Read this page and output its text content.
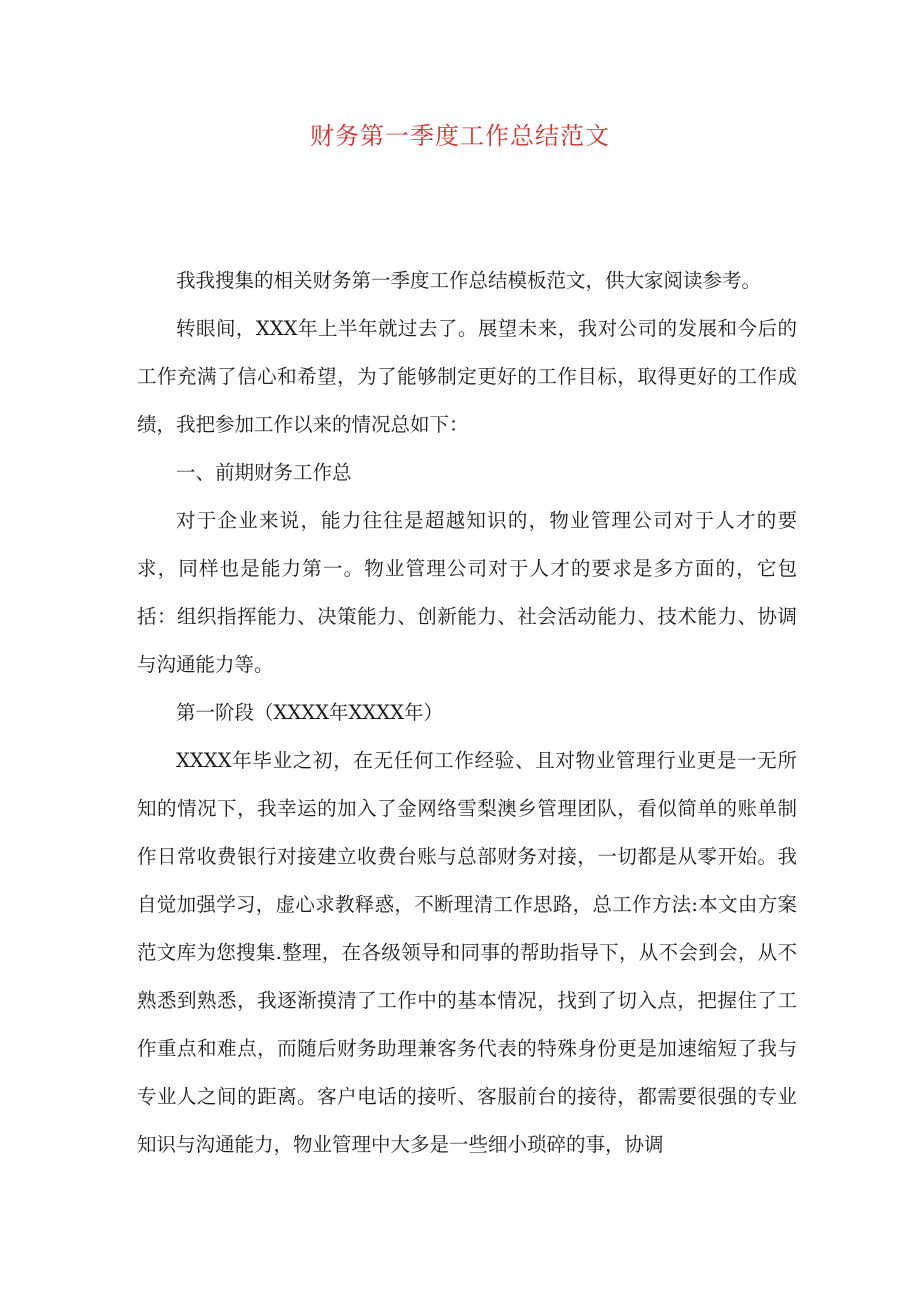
财务第一季度工作总结范文

我我搜集的相关财务第一季度工作总结模板范文，供大家阅读参考。

转眼间，XXX年上半年就过去了。展望未来，我对公司的发展和今后的工作充满了信心和希望，为了能够制定更好的工作目标，取得更好的工作成绩，我把参加工作以来的情况总如下：

一、前期财务工作总

对于企业来说，能力往往是超越知识的，物业管理公司对于人才的要求，同样也是能力第一。物业管理公司对于人才的要求是多方面的，它包括：组织指挥能力、决策能力、创新能力、社会活动能力、技术能力、协调与沟通能力等。

第一阶段（XXXX年XXXX年）

XXXX年毕业之初，在无任何工作经验、且对物业管理行业更是一无所知的情况下，我幸运的加入了金网络雪梨澳乡管理团队，看似简单的账单制作日常收费银行对接建立收费台账与总部财务对接，一切都是从零开始。我自觉加强学习，虚心求教释惑，不断理清工作思路，总工作方法:本文由方案范文库为您搜集.整理，在各级领导和同事的帮助指导下，从不会到会，从不熟悉到熟悉，我逐渐摸清了工作中的基本情况，找到了切入点，把握住了工作重点和难点，而随后财务助理兼客务代表的特殊身份更是加速缩短了我与专业人之间的距离。客户电话的接听、客服前台的接待，都需要很强的专业知识与沟通能力，物业管理中大多是一些细小琐碎的事，协调
